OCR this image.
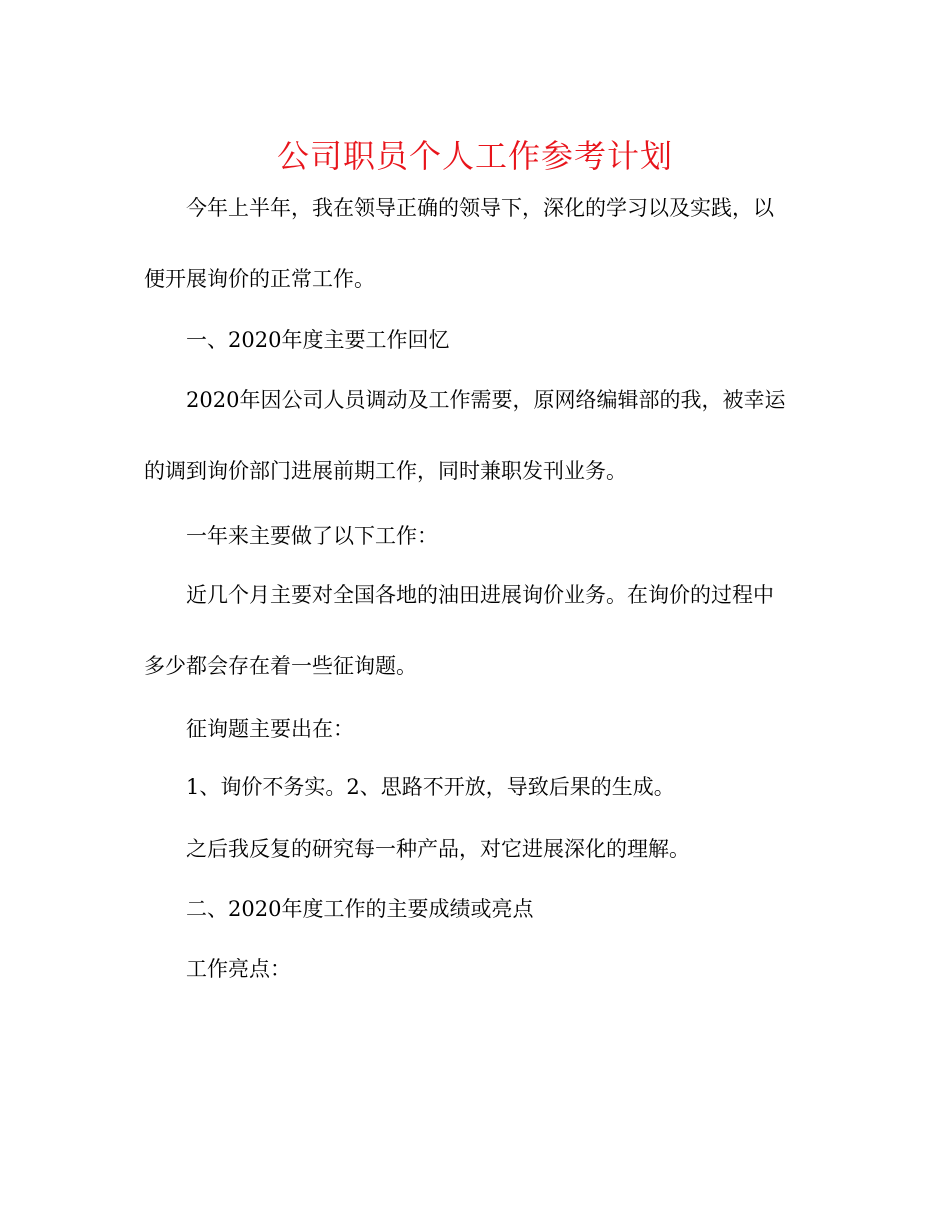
公司职员个人工作参考计划
今年上半年，我在领导正确的领导下，深化的学习以及实践，以
便开展询价的正常工作。
一、2020年度主要工作回忆
2020年因公司人员调动及工作需要，原网络编辑部的我，被幸运
的调到询价部门进展前期工作，同时兼职发刊业务。
一年来主要做了以下工作：
近几个月主要对全国各地的油田进展询价业务。在询价的过程中
多少都会存在着一些征询题。
征询题主要出在：
1、询价不务实。2、思路不开放，导致后果的生成。
之后我反复的研究每一种产品，对它进展深化的理解。
二、2020年度工作的主要成绩或亮点
工作亮点：
